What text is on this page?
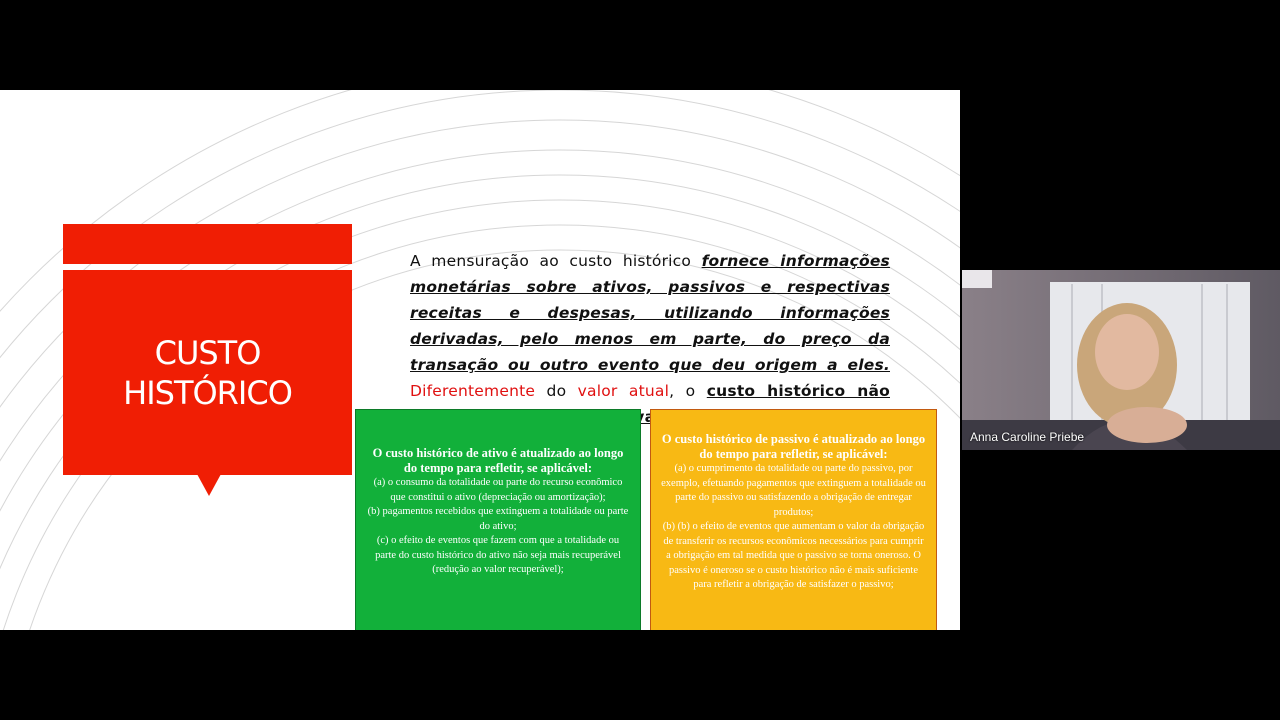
CUSTO
HISTÓRICO
A mensuração ao custo histórico fornece informações monetárias sobre ativos, passivos e respectivas receitas e despesas, utilizando informações derivadas, pelo menos em parte, do preço da transação ou outro evento que deu origem a eles. Diferentemente do valor atual, o custo histórico não
O custo histórico de ativo é atualizado ao longo do tempo para refletir, se aplicável:
(a) o consumo da totalidade ou parte do recurso econômico que constitui o ativo (depreciação ou amortização);
(b) pagamentos recebidos que extinguem a totalidade ou parte do ativo;
(c) o efeito de eventos que fazem com que a totalidade ou parte do custo histórico do ativo não seja mais recuperável (redução ao valor recuperável);
O custo histórico de passivo é atualizado ao longo do tempo para refletir, se aplicável:
(a) o cumprimento da totalidade ou parte do passivo, por exemplo, efetuando pagamentos que extinguem a totalidade ou parte do passivo ou satisfazendo a obrigação de entregar produtos;
(b) (b) o efeito de eventos que aumentam o valor da obrigação de transferir os recursos econômicos necessários para cumprir a obrigação em tal medida que o passivo se torna oneroso. O passivo é oneroso se o custo histórico não é mais suficiente para refletir a obrigação de satisfazer o passivo;
Anna Caroline Priebe
